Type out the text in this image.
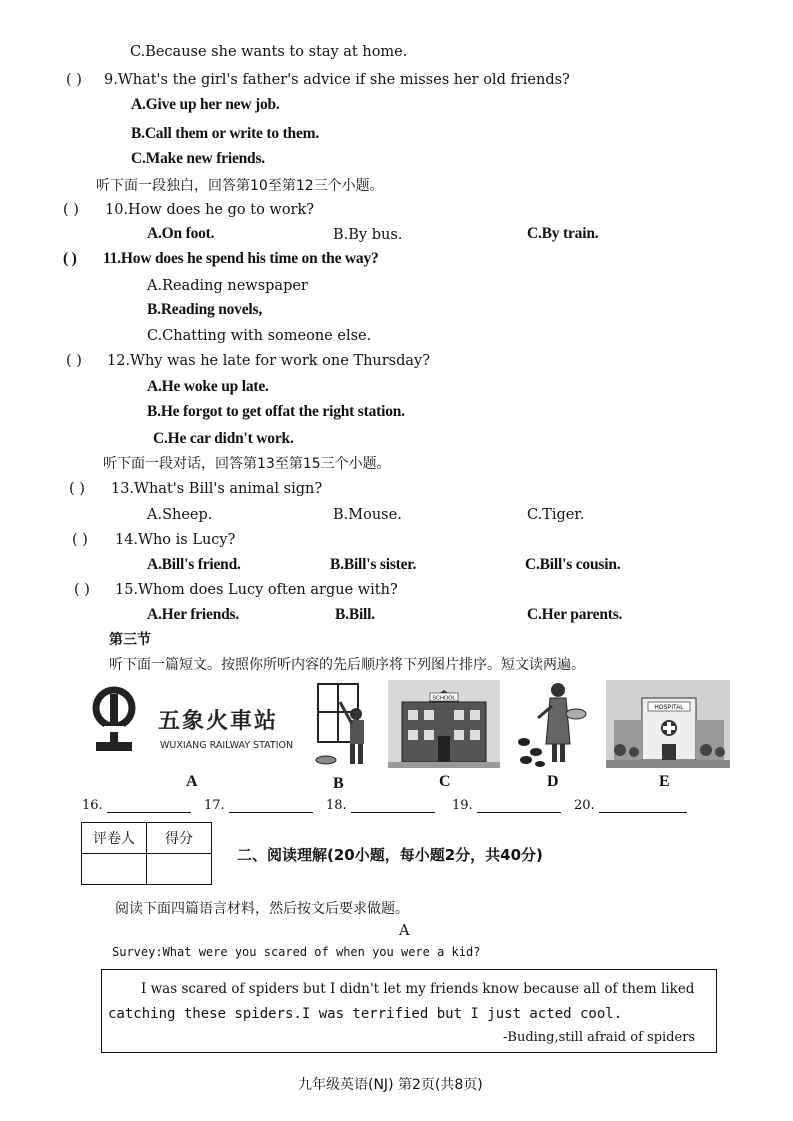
C.Because she wants to stay at home.
( ) 9.What's the girl's father's advice if she misses her old friends?
A.Give up her new job.
B.Call them or write to them.
C.Make new friends.
听下面一段独白，回答第10至第12三个小题。
( ) 10.How does he go to work?
A.On foot.	B.By bus.	C.By train.
( ) 11.How does he spend his time on the way?
A.Reading newspaper
B.Reading novels,
C.Chatting with someone else.
( ) 12.Why was he late for work one Thursday?
A.He woke up late.
B.He forgot to get offat the right station.
C.He car didn't work.
听下面一段对话，回答第13至第15三个小题。
( ) 13.What's Bill's animal sign?
A.Sheep.	B.Mouse.	C.Tiger.
( ) 14.Who is Lucy?
A.Bill's friend.	B.Bill's sister.	C.Bill's cousin.
( ) 15.Whom does Lucy often argue with?
A.Her friends.	B.Bill.	C.Her parents.
第三节
听下面一篇短文。按照你所听内容的先后顺序将下列图片排序。短文读两遍。
五象火車站
WUXIANG RAILWAY STATION
SCHOOL
HOSPITAL
A	B	C	D	E
16.	17.	18.	19.	20.
评卷人	得分

二、阅读理解(20小题，每小题2分，共40分)
阅读下面四篇语言材料，然后按文后要求做题。
A
Survey:What were you scared of when you were a kid?
I was scared of spiders but I didn't let my friends know because all of them liked
catching these spiders.I was terrified but I just acted cool.
-Buding,still afraid of spiders
九年级英语(NJ) 第2页(共8页)
